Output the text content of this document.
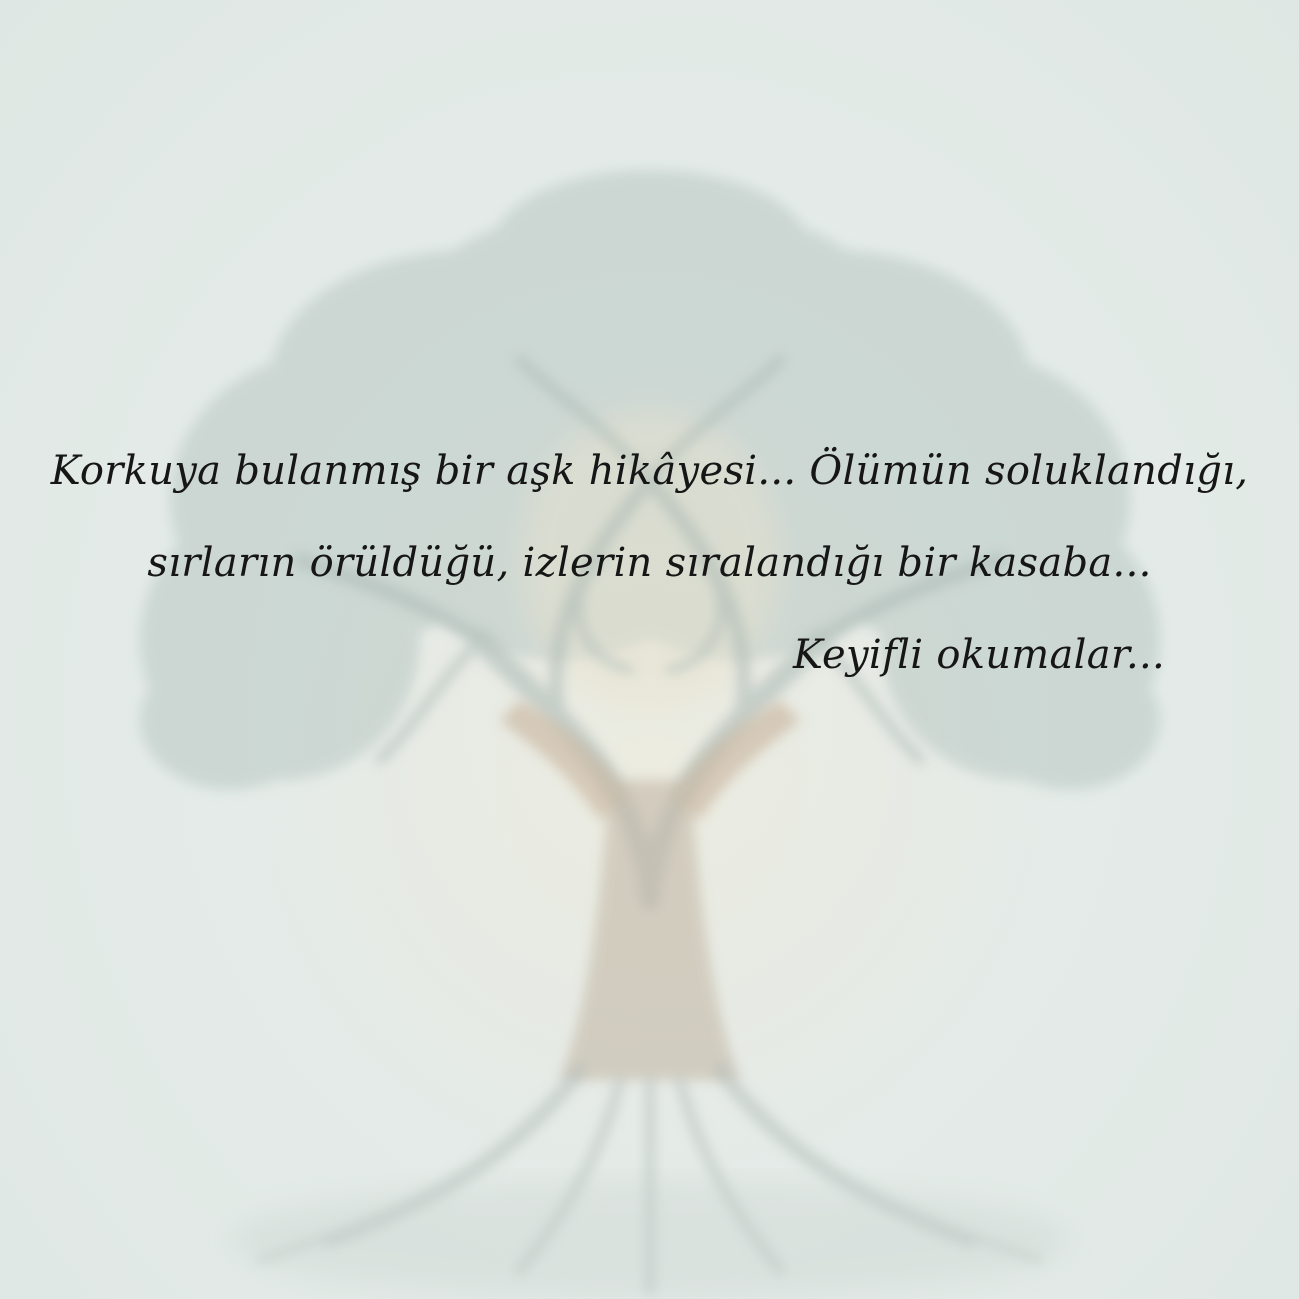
Korkuya bulanmış bir aşk hikâyesi... Ölümün soluklandığı,
sırların örüldüğü, izlerin sıralandığı bir kasaba...
Keyifli okumalar...
